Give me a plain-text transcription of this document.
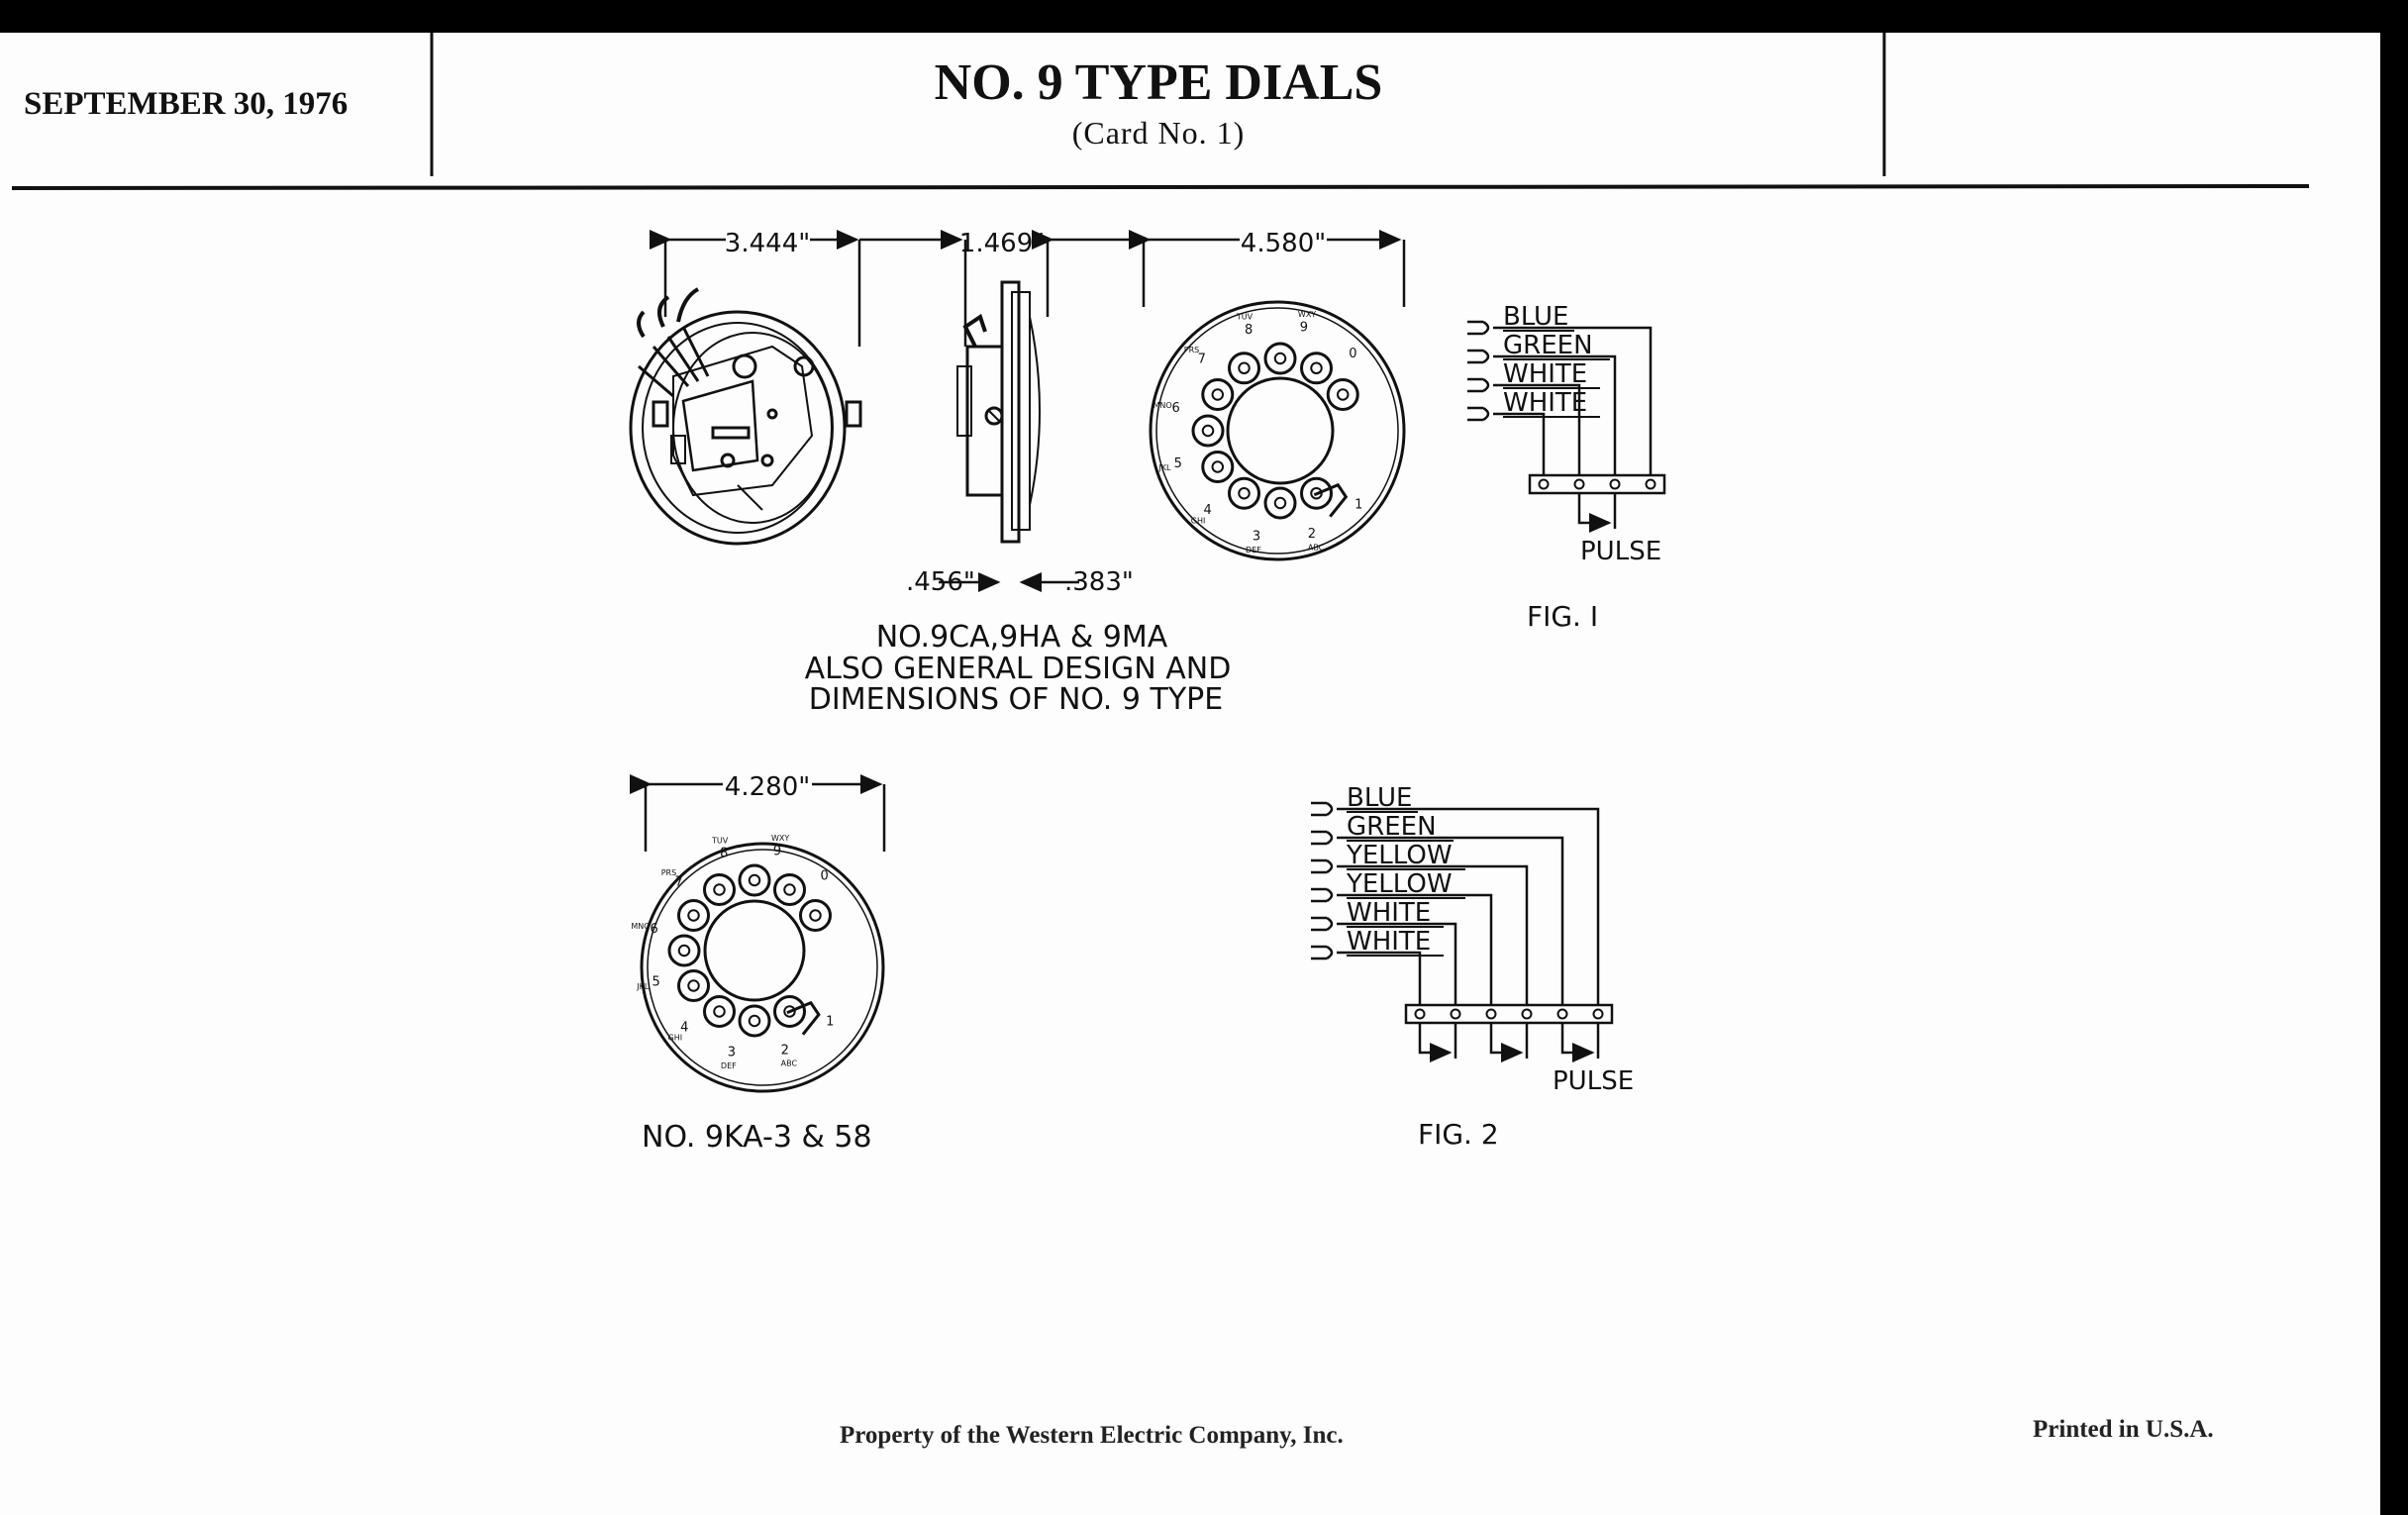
SEPTEMBER 30, 1976	NO. 9 TYPE DIALS
(Card No. 1)
3.444"	1.469"	4.580"
.456"	.383"
1
2
ABC
3
DEF
4
GHI
5
JKL
6
MNO
7
PRS
8
TUV
9
WXY
0
NO.9CA,9HA & 9MA
ALSO GENERAL DESIGN AND
DIMENSIONS OF NO. 9 TYPE
4.280"
1
2
ABC
3
DEF
4
GHI
5
JKL
6
MNO
7
PRS
8
TUV
9
WXY
0
NO. 9KA-3 & 58
BLUE
GREEN
WHITE
WHITE
PULSE
FIG. I
BLUE
GREEN
YELLOW
YELLOW
WHITE
WHITE
PULSE
FIG. 2
Property of the Western Electric Company, Inc.	Printed in U.S.A.
